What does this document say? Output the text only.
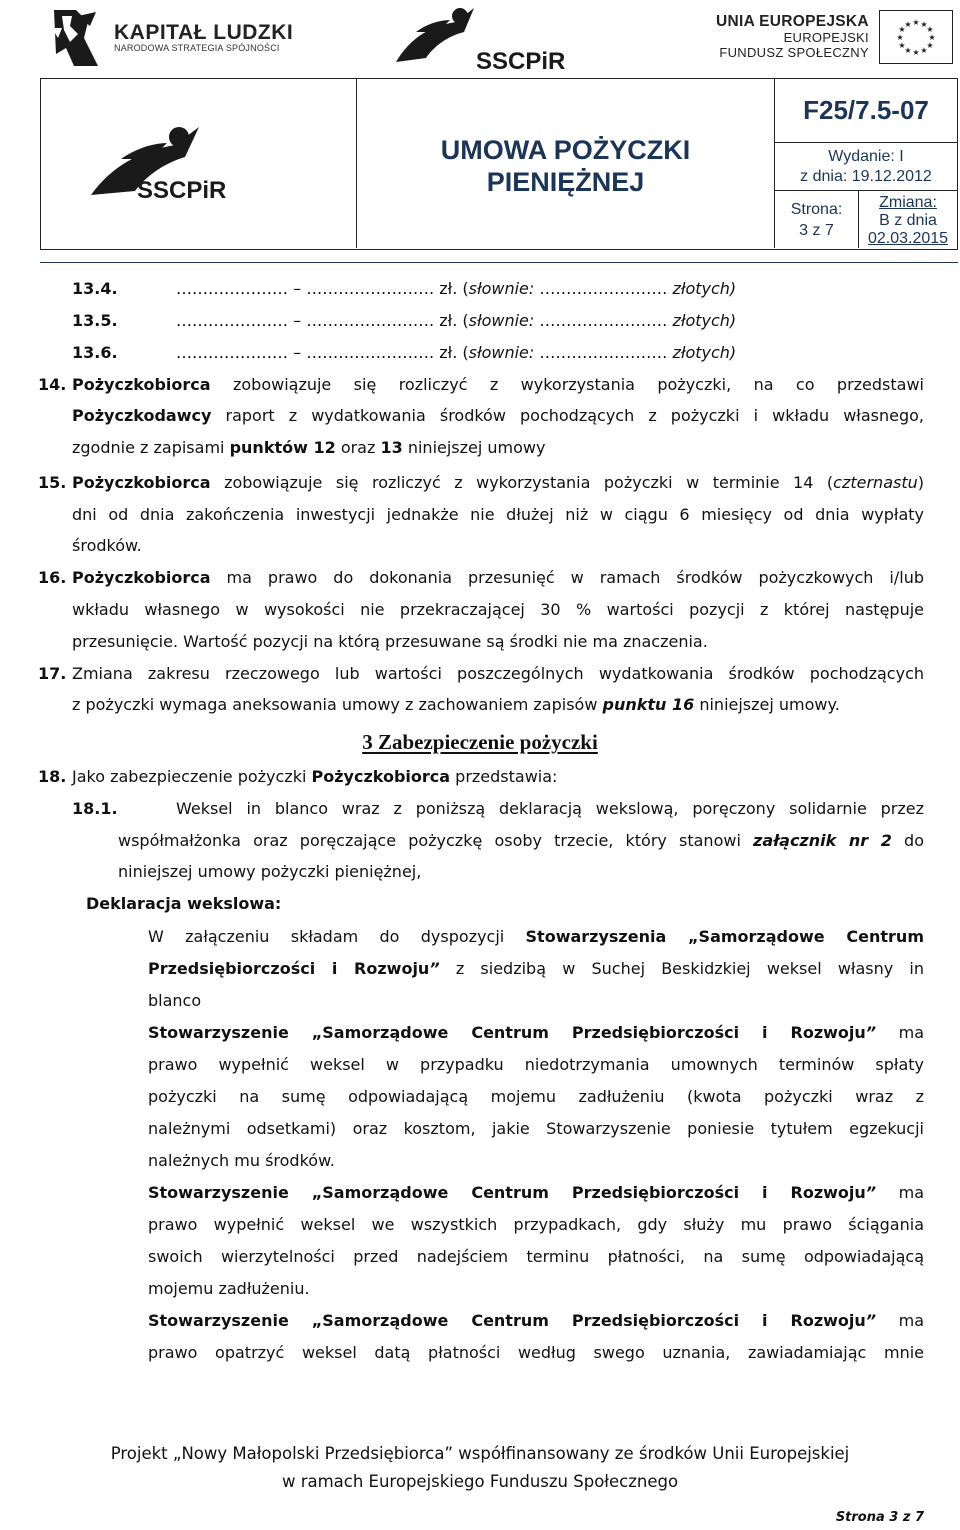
KAPITAŁ LUDZKI
NARODOWA STRATEGIA SPÓJNOŚCI	SSCPiR
UNIA EUROPEJSKA
EUROPEJSKI
FUNDUSZ SPOŁECZNY
★ ★
★
★
★
★
★
★
★
★
★
★
SSCPiR
UMOWA POŻYCZKI
PIENIĘŻNEJ
F25/7.5-07
Wydanie: I
z dnia: 19.12.2012
Strona:
3 z 7
Zmiana:
B z dnia
02.03.2015
13.4.	………………… – …………………… zł. (słownie: …………………… złotych)
13.5.	………………… – …………………… zł. (słownie: …………………… złotych)
13.6.	………………… – …………………… zł. (słownie: …………………… złotych)
14. Pożyczkobiorca zobowiązuje się rozliczyć z wykorzystania pożyczki, na co przedstawi
Pożyczkodawcy raport z wydatkowania środków pochodzących z pożyczki i wkładu własnego,
zgodnie z zapisami punktów 12 oraz 13 niniejszej umowy
15. Pożyczkobiorca zobowiązuje się rozliczyć z wykorzystania pożyczki w terminie 14 (czternastu)
dni od dnia zakończenia inwestycji jednakże nie dłużej niż w ciągu 6 miesięcy od dnia wypłaty
środków.
16. Pożyczkobiorca ma prawo do dokonania przesunięć w ramach środków pożyczkowych i/lub
wkładu własnego w wysokości nie przekraczającej 30 % wartości pozycji z której następuje
przesunięcie. Wartość pozycji na którą przesuwane są środki nie ma znaczenia.
17. Zmiana zakresu rzeczowego lub wartości poszczególnych wydatkowania środków pochodzących
z pożyczki wymaga aneksowania umowy z zachowaniem zapisów punktu 16 niniejszej umowy.
3 Zabezpieczenie pożyczki
18. Jako zabezpieczenie pożyczki Pożyczkobiorca przedstawia:
18.1.	Weksel in blanco wraz z poniższą deklaracją wekslową, poręczony solidarnie przez
współmałżonka oraz poręczające pożyczkę osoby trzecie, który stanowi załącznik nr 2 do
niniejszej umowy pożyczki pieniężnej,
Deklaracja wekslowa:
W załączeniu składam do dyspozycji Stowarzyszenia „Samorządowe Centrum
Przedsiębiorczości i Rozwoju” z siedzibą w Suchej Beskidzkiej weksel własny in
blanco
Stowarzyszenie „Samorządowe Centrum Przedsiębiorczości i Rozwoju” ma
prawo wypełnić weksel w przypadku niedotrzymania umownych terminów spłaty
pożyczki na sumę odpowiadającą mojemu zadłużeniu (kwota pożyczki wraz z
należnymi odsetkami) oraz kosztom, jakie Stowarzyszenie poniesie tytułem egzekucji
należnych mu środków.
Stowarzyszenie „Samorządowe Centrum Przedsiębiorczości i Rozwoju” ma
prawo wypełnić weksel we wszystkich przypadkach, gdy służy mu prawo ściągania
swoich wierzytelności przed nadejściem terminu płatności, na sumę odpowiadającą
mojemu zadłużeniu.
Stowarzyszenie „Samorządowe Centrum Przedsiębiorczości i Rozwoju” ma
prawo opatrzyć weksel datą płatności według swego uznania, zawiadamiając mnie
Projekt „Nowy Małopolski Przedsiębiorca” współfinansowany ze środków Unii Europejskiej
w ramach Europejskiego Funduszu Społecznego
Strona 3 z 7
